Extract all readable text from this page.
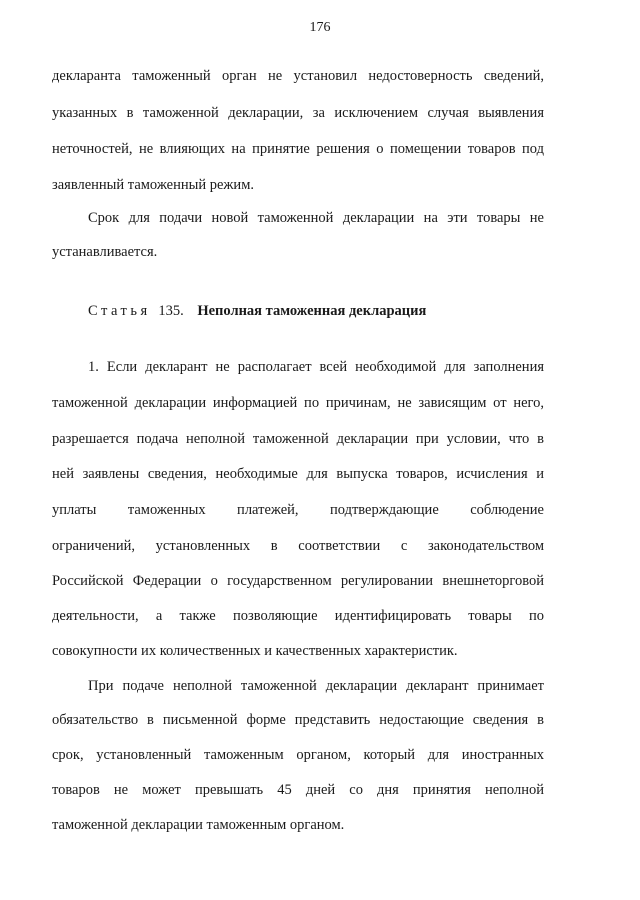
176
декларанта таможенный орган не установил недостоверность сведений,
указанных в таможенной декларации, за исключением случая выявления
неточностей, не влияющих на принятие решения о помещении товаров под
заявленный таможенный режим.
Срок для подачи новой таможенной декларации на эти товары не
устанавливается.
Статья 135. Неполная таможенная декларация
1. Если декларант не располагает всей необходимой для заполнения
таможенной декларации информацией по причинам, не зависящим от него,
разрешается подача неполной таможенной декларации при условии, что в
ней заявлены сведения, необходимые для выпуска товаров, исчисления и
уплаты таможенных платежей, подтверждающие соблюдение
ограничений, установленных в соответствии с законодательством
Российской Федерации о государственном регулировании внешнеторговой
деятельности, а также позволяющие идентифицировать товары по
совокупности их количественных и качественных характеристик.
При подаче неполной таможенной декларации декларант принимает
обязательство в письменной форме представить недостающие сведения в
срок, установленный таможенным органом, который для иностранных
товаров не может превышать 45 дней со дня принятия неполной
таможенной декларации таможенным органом.
